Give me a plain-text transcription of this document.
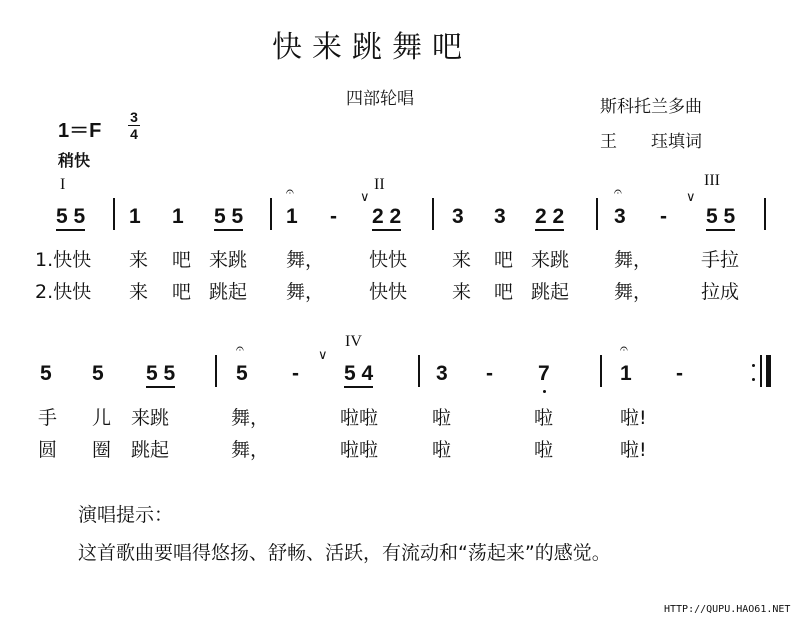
快来跳舞吧
四部轮唱	斯科托兰多曲
王　　珏填词
1＝F
3
4
稍快
I	II	III
IV
5 5 1 1 5 5
𝄐
1 -
∨
2 2 3 3 2 2
𝄐
3 -
∨
5 5
1.快快 来 吧 来跳 舞， 快快 来 吧 来跳 舞，	手拉
2.快快 来 吧 跳起 舞， 快快 来 吧 跳起 舞，	拉成
5 5 5 5
𝄐
5 -
∨
5 4	3 - 7
𝄐
1 -
手 儿 来跳	舞，	啦啦	啦	啦	啦!
圆 圈 跳起	舞，	啦啦	啦	啦	啦!
演唱提示：
这首歌曲要唱得悠扬、舒畅、活跃，有流动和“荡起来”的感觉。
HTTP://QUPU.HAO61.NET
